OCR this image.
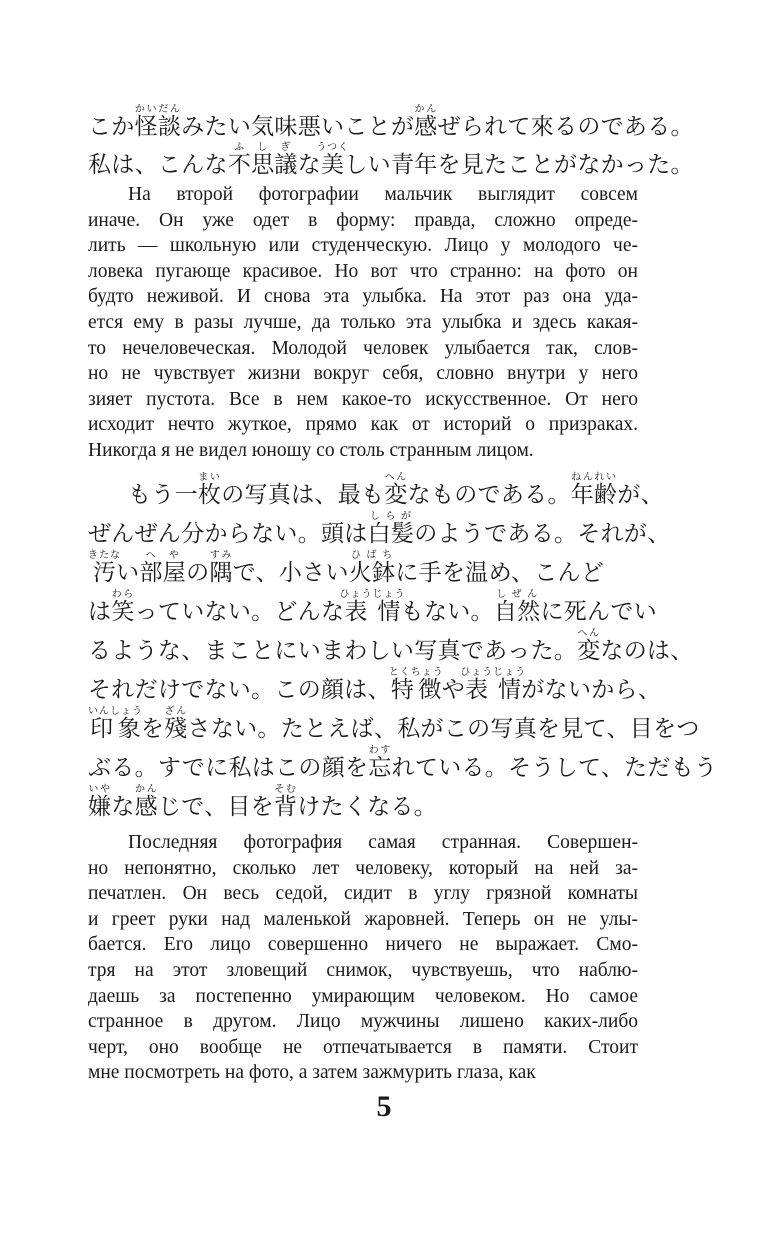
こか怪談かいだんみたい気味悪いことが感かんぜられて來るのである。
私は、こんな不思議ふしぎな美うつくしい青年を見たことがなかった。
На второй фотографии мальчик выглядит совсем
иначе. Он уже одет в форму: правда, сложно опреде-
лить — школьную или студенческую. Лицо у молодого че-
ловека пугающе красивое. Но вот что странно: на фото он
будто неживой. И снова эта улыбка. На этот раз она уда-
ется ему в разы лучше, да только эта улыбка и здесь какая-
то нечеловеческая. Молодой человек улыбается так, слов-
но не чувствует жизни вокруг себя, словно внутри у него
зияет пустота. Все в нем какое-то искусственное. От него
исходит нечто жуткое, прямо как от историй о призраках.
Никогда я не видел юношу со столь странным лицом.
もう一枚まいの写真は、最も変へんなものである。年齢ねんれいが、
ぜんぜん分からない。頭は白髪しらがのようである。それが、
汚きたない部屋へやの隅すみで、小さい火鉢ひばちに手を温め、こんど
は笑わらっていない。どんな表情ひょうじょうもない。自然しぜんに死んでい
るような、まことにいまわしい写真であった。変へんなのは、
それだけでない。この顔は、特徴とくちょうや表情ひょうじょうがないから、
印象いんしょうを殘ざんさない。たとえば、私がこの写真を見て、目をつ
ぶる。すでに私はこの顔を忘わすれている。そうして、ただもう
嫌いやな感かんじで、目を背そむけたくなる。
Последняя фотография самая странная. Совершен-
но непонятно, сколько лет человеку, который на ней за-
печатлен. Он весь седой, сидит в углу грязной комнаты
и греет руки над маленькой жаровней. Теперь он не улы-
бается. Его лицо совершенно ничего не выражает. Смо-
тря на этот зловещий снимок, чувствуешь, что наблю-
даешь за постепенно умирающим человеком. Но самое
странное в другом. Лицо мужчины лишено каких-либо
черт, оно вообще не отпечатывается в памяти. Стоит
мне посмотреть на фото, а затем зажмурить глаза, как
5
